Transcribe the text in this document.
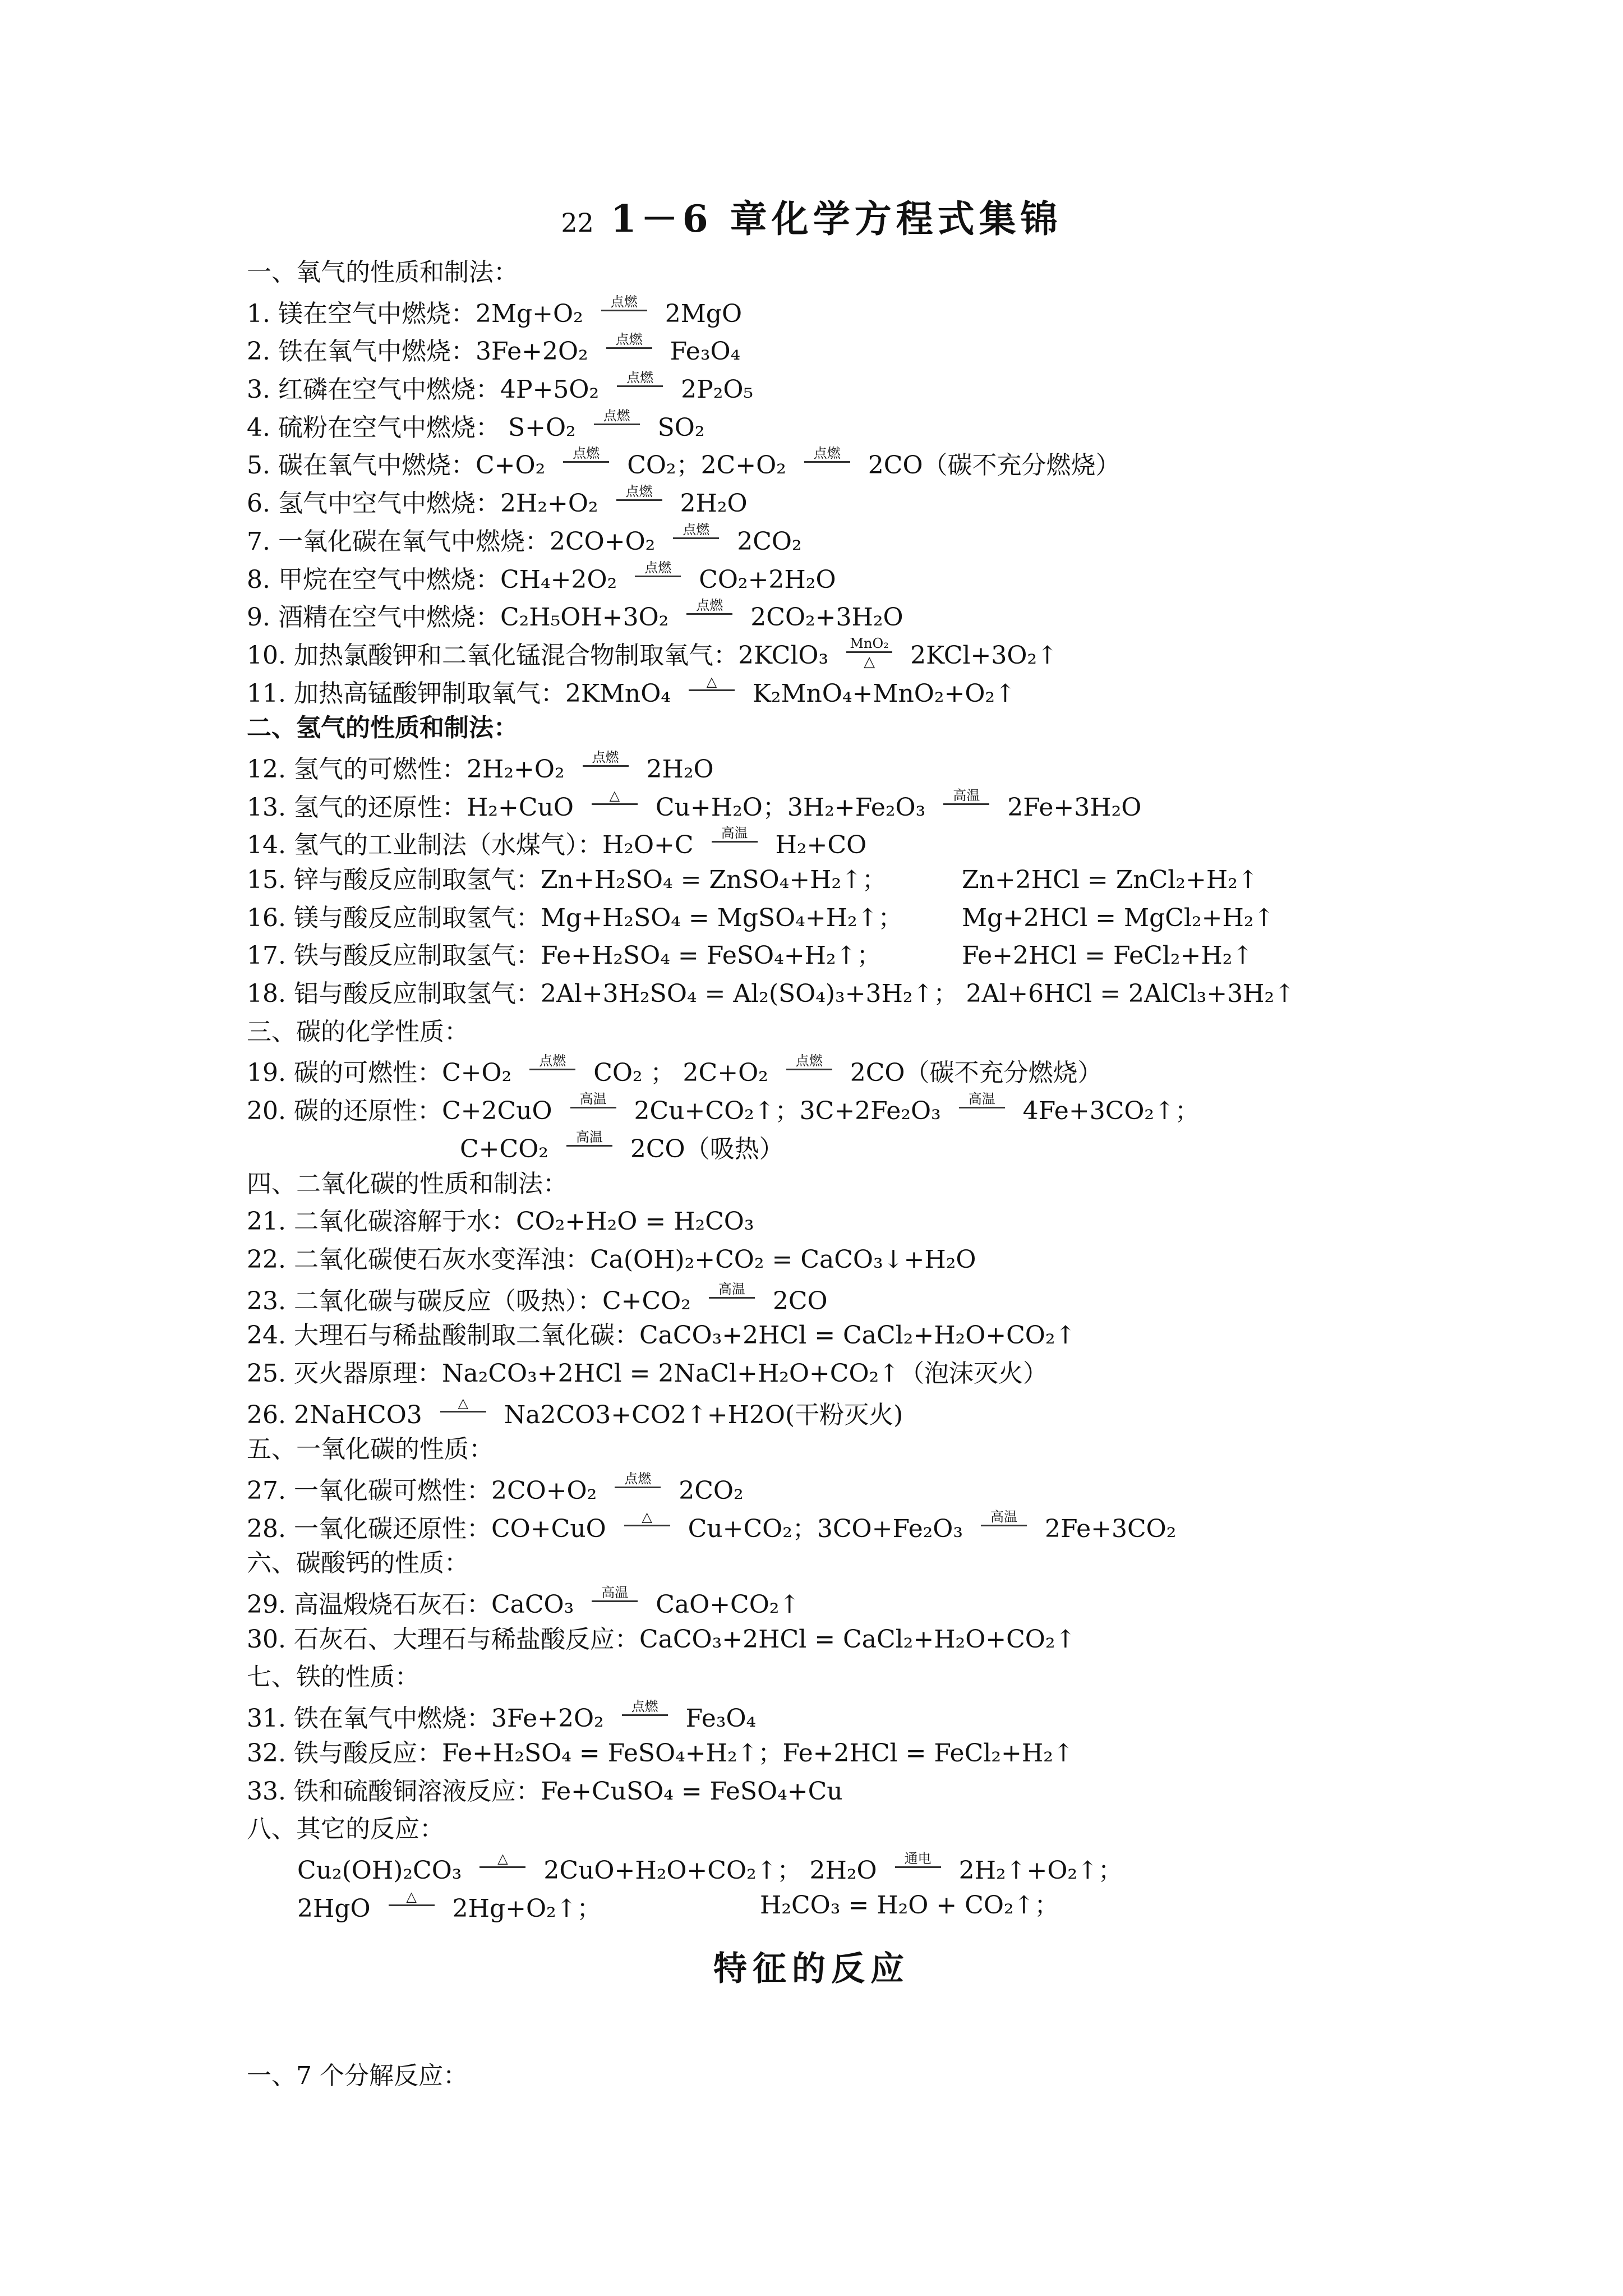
22 1－6 章化学方程式集锦
一、氧气的性质和制法：
1. 镁在空气中燃烧：2Mg+O₂	点燃 2MgO
2. 铁在氧气中燃烧：3Fe+2O₂	点燃 Fe₃O₄
3. 红磷在空气中燃烧：4P+5O₂	点燃 2P₂O₅
4. 硫粉在空气中燃烧： S+O₂	点燃 SO₂
5. 碳在氧气中燃烧：C+O₂	点燃 CO₂；2C+O₂	点燃 2CO（碳不充分燃烧）
6. 氢气中空气中燃烧：2H₂+O₂	点燃 2H₂O
7. 一氧化碳在氧气中燃烧：2CO+O₂	点燃 2CO₂
8. 甲烷在空气中燃烧：CH₄+2O₂	点燃 CO₂+2H₂O
9. 酒精在空气中燃烧：C₂H₅OH+3O₂	点燃 2CO₂+3H₂O
10. 加热氯酸钾和二氧化锰混合物制取氧气：2KClO₃	MnO₂
△	2KCl+3O₂↑
11. 加热高锰酸钾制取氧气：2KMnO₄	△	K₂MnO₄+MnO₂+O₂↑
二、氢气的性质和制法：
12. 氢气的可燃性：2H₂+O₂	点燃 2H₂O
13. 氢气的还原性：H₂+CuO	△	Cu+H₂O；3H₂+Fe₂O₃	高温 2Fe+3H₂O
14. 氢气的工业制法（水煤气）：H₂O+C	高温 H₂+CO
15. 锌与酸反应制取氢气：Zn+H₂SO₄ = ZnSO₄+H₂↑；	Zn+2HCl = ZnCl₂+H₂↑
16. 镁与酸反应制取氢气：Mg+H₂SO₄ = MgSO₄+H₂↑； Mg+2HCl = MgCl₂+H₂↑
17. 铁与酸反应制取氢气：Fe+H₂SO₄ = FeSO₄+H₂↑；	Fe+2HCl = FeCl₂+H₂↑
18. 铝与酸反应制取氢气：2Al+3H₂SO₄ = Al₂(SO₄)₃+3H₂↑； 2Al+6HCl = 2AlCl₃+3H₂↑
三、碳的化学性质：
19. 碳的可燃性：C+O₂	点燃 CO₂ ； 2C+O₂	点燃 2CO（碳不充分燃烧）
20. 碳的还原性：C+2CuO	高温 2Cu+CO₂↑；3C+2Fe₂O₃	高温 4Fe+3CO₂↑；
C+CO₂	高温 2CO（吸热）
四、二氧化碳的性质和制法：
21. 二氧化碳溶解于水：CO₂+H₂O = H₂CO₃
22. 二氧化碳使石灰水变浑浊：Ca(OH)₂+CO₂ = CaCO₃↓+H₂O
23. 二氧化碳与碳反应（吸热）：C+CO₂	高温 2CO
24. 大理石与稀盐酸制取二氧化碳：CaCO₃+2HCl = CaCl₂+H₂O+CO₂↑
25. 灭火器原理：Na₂CO₃+2HCl = 2NaCl+H₂O+CO₂↑（泡沫灭火）
26. 2NaHCO3	△	Na2CO3+CO2↑+H2O(干粉灭火)
五、一氧化碳的性质：
27. 一氧化碳可燃性：2CO+O₂	点燃 2CO₂
28. 一氧化碳还原性：CO+CuO	△	Cu+CO₂；3CO+Fe₂O₃	高温 2Fe+3CO₂
六、碳酸钙的性质：
29. 高温煅烧石灰石：CaCO₃	高温 CaO+CO₂↑
30. 石灰石、大理石与稀盐酸反应：CaCO₃+2HCl = CaCl₂+H₂O+CO₂↑
七、铁的性质：
31. 铁在氧气中燃烧：3Fe+2O₂	点燃 Fe₃O₄
32. 铁与酸反应：Fe+H₂SO₄ = FeSO₄+H₂↑；Fe+2HCl = FeCl₂+H₂↑
33. 铁和硫酸铜溶液反应：Fe+CuSO₄ = FeSO₄+Cu
八、其它的反应：
Cu₂(OH)₂CO₃	△	2CuO+H₂O+CO₂↑； 2H₂O	通电 2H₂↑+O₂↑；
2HgO	△	2Hg+O₂↑；	H₂CO₃ = H₂O + CO₂↑；
特征的反应
一、7 个分解反应：
